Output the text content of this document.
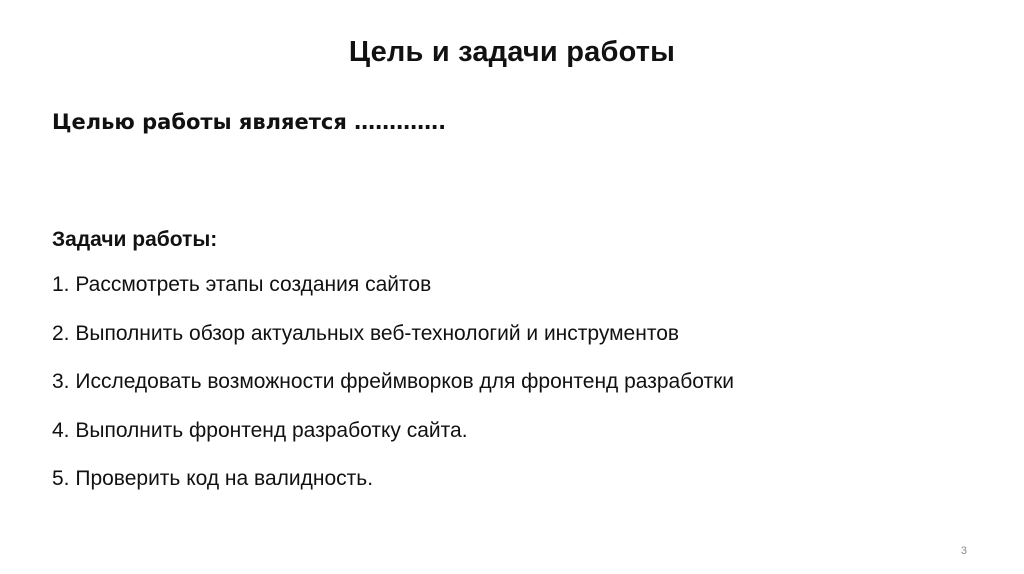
Цель и задачи работы
Целью работы является ………….
Задачи работы:
1. Рассмотреть этапы создания сайтов
2. Выполнить обзор актуальных веб-технологий и инструментов
3. Исследовать возможности фреймворков для фронтенд разработки
4. Выполнить фронтенд разработку сайта.
5. Проверить код на валидность.
3
